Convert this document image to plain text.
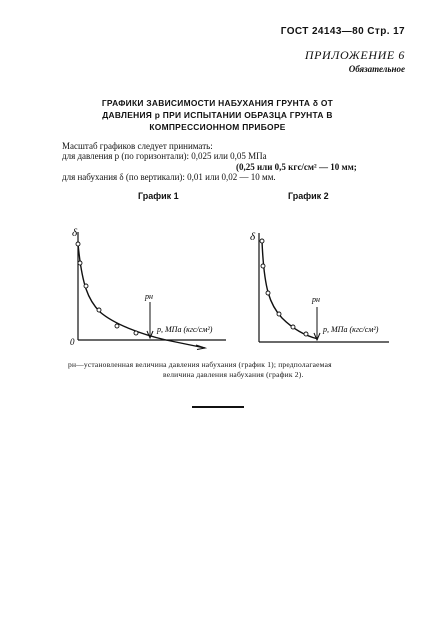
ГОСТ 24143—80 Стр. 17
ПРИЛОЖЕНИЕ 6
Обязательное
ГРАФИКИ ЗАВИСИМОСТИ НАБУХАНИЯ ГРУНТА δ ОТ
ДАВЛЕНИЯ p ПРИ ИСПЫТАНИИ ОБРАЗЦА ГРУНТА В
КОМПРЕССИОННОМ ПРИБОРЕ
Масштаб графиков следует принимать:
для давления p (по горизонтали): 0,025 или 0,05 МПа
(0,25 или 0,5 кгс/см² — 10 мм;
для набухания δ (по вертикали): 0,01 или 0,02 — 10 мм.
График 1	График 2
δ
0
pн
p, МПа (кгс/см²)
δ
pн
p, МПа (кгс/см²)
pн—установленная величина давления набухания (график 1); предполагаемая
величина давления набухания (график 2).
